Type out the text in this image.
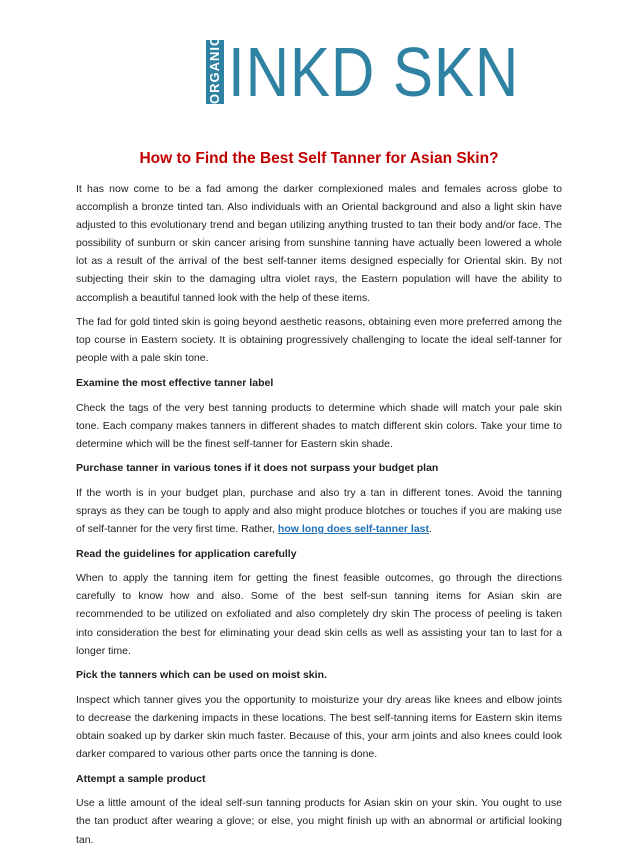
ORGANIC INKD SKN
How to Find the Best Self Tanner for Asian Skin?

It has now come to be a fad among the darker complexioned males and females across globe to accomplish a bronze tinted tan. Also individuals with an Oriental background and also a light skin have adjusted to this evolutionary trend and began utilizing anything trusted to tan their body and/or face. The possibility of sunburn or skin cancer arising from sunshine tanning have actually been lowered a whole lot as a result of the arrival of the best self-tanner items designed especially for Oriental skin. By not subjecting their skin to the damaging ultra violet rays, the Eastern population will have the ability to accomplish a beautiful tanned look with the help of these items.

The fad for gold tinted skin is going beyond aesthetic reasons, obtaining even more preferred among the top course in Eastern society. It is obtaining progressively challenging to locate the ideal self-tanner for people with a pale skin tone.

Examine the most effective tanner label

Check the tags of the very best tanning products to determine which shade will match your pale skin tone. Each company makes tanners in different shades to match different skin colors. Take your time to determine which will be the finest self-tanner for Eastern skin shade.

Purchase tanner in various tones if it does not surpass your budget plan

If the worth is in your budget plan, purchase and also try a tan in different tones. Avoid the tanning sprays as they can be tough to apply and also might produce blotches or touches if you are making use of self-tanner for the very first time. Rather, how long does self-tanner last.

Read the guidelines for application carefully

When to apply the tanning item for getting the finest feasible outcomes, go through the directions carefully to know how and also. Some of the best self-sun tanning items for Asian skin are recommended to be utilized on exfoliated and also completely dry skin The process of peeling is taken into consideration the best for eliminating your dead skin cells as well as assisting your tan to last for a longer time.

Pick the tanners which can be used on moist skin.

Inspect which tanner gives you the opportunity to moisturize your dry areas like knees and elbow joints to decrease the darkening impacts in these locations. The best self-tanning items for Eastern skin items obtain soaked up by darker skin much faster. Because of this, your arm joints and also knees could look darker compared to various other parts once the tanning is done.

Attempt a sample product

Use a little amount of the ideal self-sun tanning products for Asian skin on your skin. You ought to use the tan product after wearing a glove; or else, you might finish up with an abnormal or artificial looking tan.
